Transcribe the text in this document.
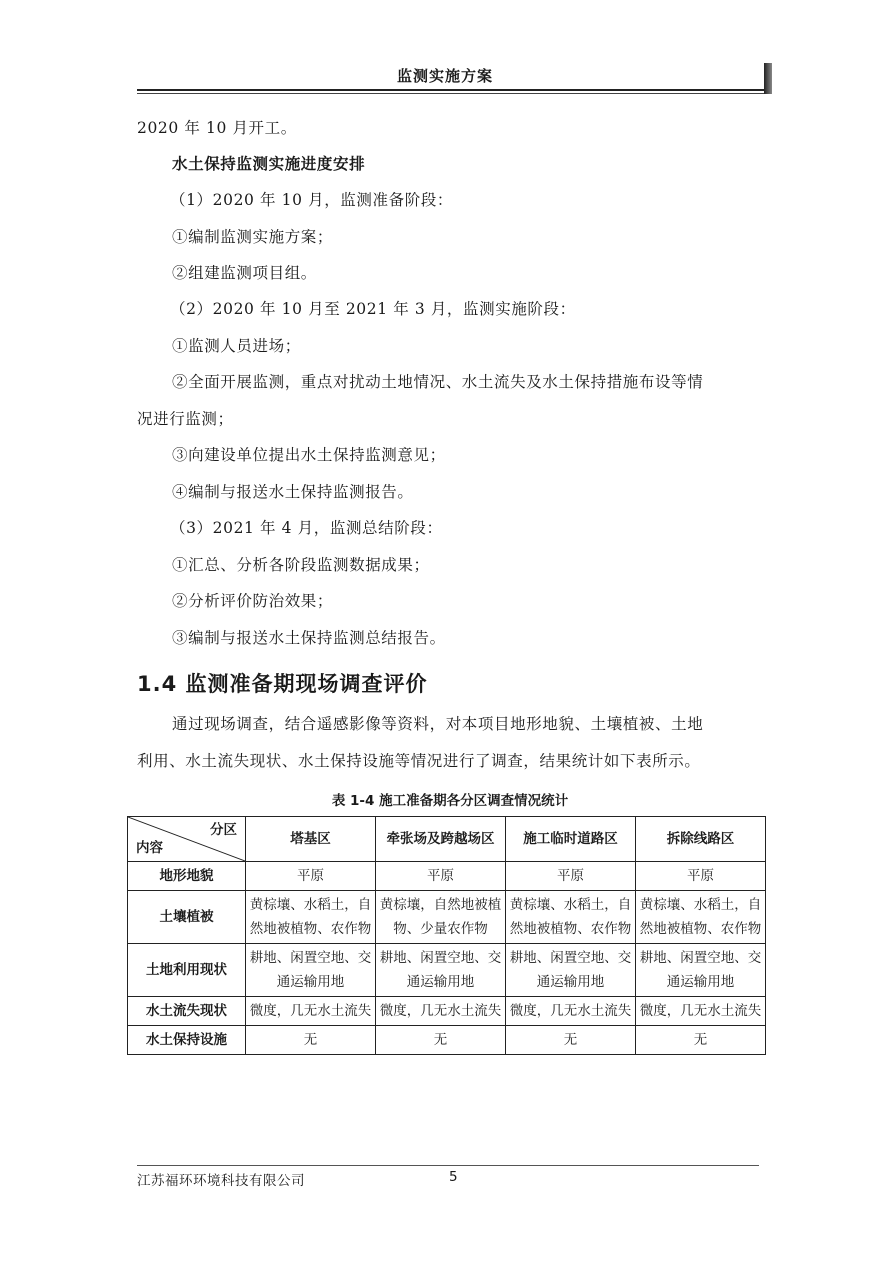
监测实施方案
2020 年 10 月开工。
水土保持监测实施进度安排
（1）2020 年 10 月，监测准备阶段：
①编制监测实施方案；
②组建监测项目组。
（2）2020 年 10 月至 2021 年 3 月，监测实施阶段：
①监测人员进场；
②全面开展监测，重点对扰动土地情况、水土流失及水土保持措施布设等情
况进行监测；
③向建设单位提出水土保持监测意见；
④编制与报送水土保持监测报告。
（3）2021 年 4 月，监测总结阶段：
①汇总、分析各阶段监测数据成果；
②分析评价防治效果；
③编制与报送水土保持监测总结报告。
1.4 监测准备期现场调查评价
通过现场调查，结合遥感影像等资料，对本项目地形地貌、土壤植被、土地
利用、水土流失现状、水土保持设施等情况进行了调查，结果统计如下表所示。
表 1-4 施工准备期各分区调查情况统计
分区
内容	塔基区	牵张场及跨越场区	施工临时道路区	拆除线路区
地形地貌	平原	平原	平原	平原
土壤植被	黄棕壤、水稻土，自然地被植物、农作物	黄棕壤，自然地被植物、少量农作物	黄棕壤、水稻土，自然地被植物、农作物	黄棕壤、水稻土，自然地被植物、农作物
土地利用现状	耕地、闲置空地、交通运输用地	耕地、闲置空地、交通运输用地	耕地、闲置空地、交通运输用地	耕地、闲置空地、交通运输用地
水土流失现状	微度，几无水土流失	微度，几无水土流失	微度，几无水土流失	微度，几无水土流失
水土保持设施	无	无	无	无
江苏福环环境科技有限公司	5
